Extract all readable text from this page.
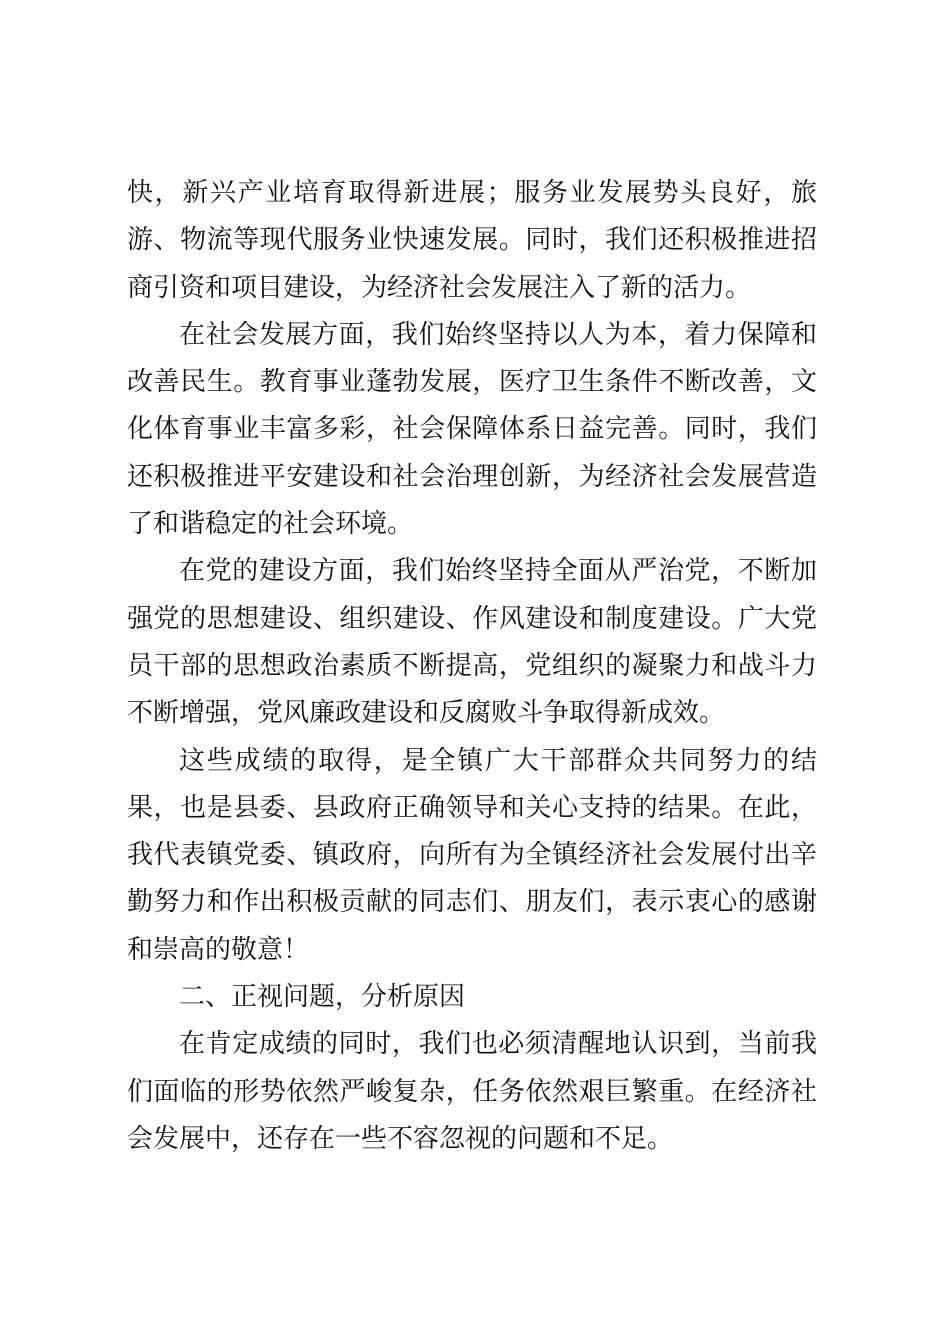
快，新兴产业培育取得新进展；服务业发展势头良好，旅游、物流等现代服务业快速发展。同时，我们还积极推进招商引资和项目建设，为经济社会发展注入了新的活力。

在社会发展方面，我们始终坚持以人为本，着力保障和改善民生。教育事业蓬勃发展，医疗卫生条件不断改善，文化体育事业丰富多彩，社会保障体系日益完善。同时，我们还积极推进平安建设和社会治理创新，为经济社会发展营造了和谐稳定的社会环境。

在党的建设方面，我们始终坚持全面从严治党，不断加强党的思想建设、组织建设、作风建设和制度建设。广大党员干部的思想政治素质不断提高，党组织的凝聚力和战斗力不断增强，党风廉政建设和反腐败斗争取得新成效。

这些成绩的取得，是全镇广大干部群众共同努力的结果，也是县委、县政府正确领导和关心支持的结果。在此，我代表镇党委、镇政府，向所有为全镇经济社会发展付出辛勤努力和作出积极贡献的同志们、朋友们，表示衷心的感谢和崇高的敬意！

二、正视问题，分析原因

在肯定成绩的同时，我们也必须清醒地认识到，当前我们面临的形势依然严峻复杂，任务依然艰巨繁重。在经济社会发展中，还存在一些不容忽视的问题和不足。
